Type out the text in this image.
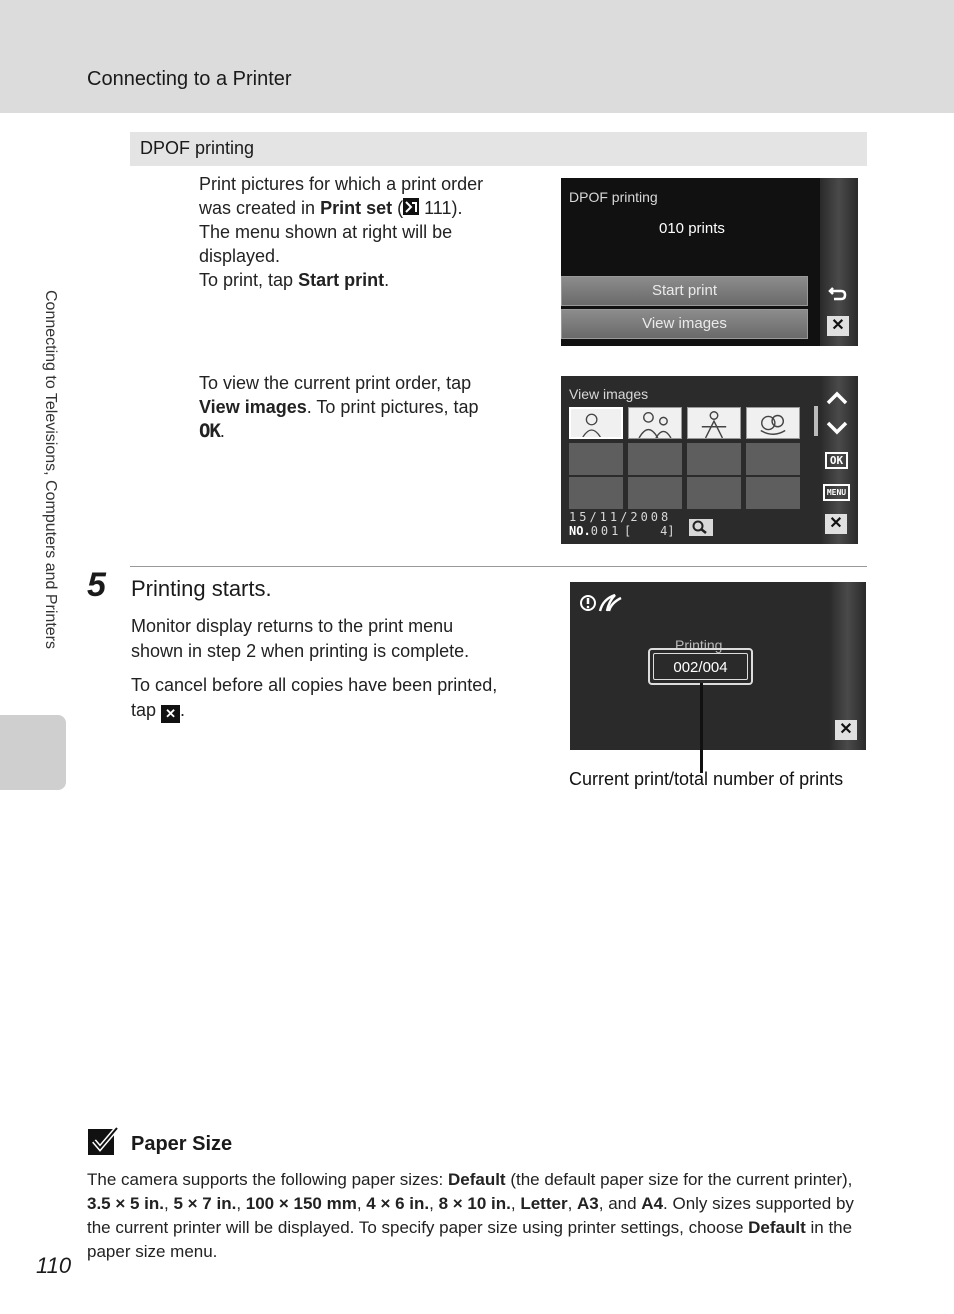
Connecting to a Printer
Connecting to Televisions, Computers and Printers
DPOF printing
Print pictures for which a print order
was created in Print set ( 111).
The menu shown at right will be
displayed.
To print, tap Start print.
DPOF printing
010 prints
Start print
View images	✕
To view the current print order, tap
View images. To print pictures, tap
OK.
View images
15/11/2008
NO.001 [    4]
OK
MENU
✕
5 Printing starts.
Monitor display returns to the print menu
shown in step 2 when printing is complete.
To cancel before all copies have been printed,
tap ✕ .
Printing
002/004
✕
Current print/total number of prints
Paper Size
The camera supports the following paper sizes: Default (the default paper size for the current printer), 3.5 × 5 in., 5 × 7 in., 100 × 150 mm, 4 × 6 in., 8 × 10 in., Letter, A3, and A4. Only sizes supported by the current printer will be displayed. To specify paper size using printer settings, choose Default in the paper size menu.
110
